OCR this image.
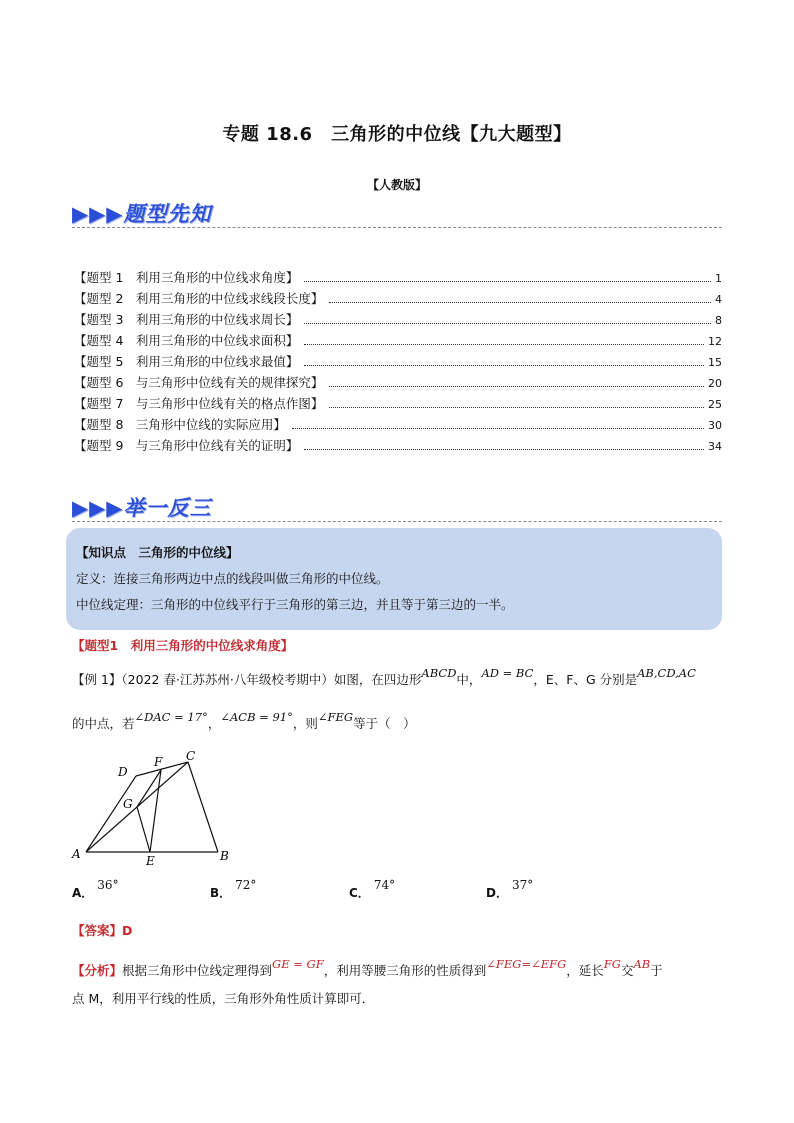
专题 18.6　三角形的中位线【九大题型】
【人教版】
▶▶▶题型先知
【题型 1　利用三角形的中位线求角度】	1
【题型 2　利用三角形的中位线求线段长度】	4
【题型 3　利用三角形的中位线求周长】	8
【题型 4　利用三角形的中位线求面积】	12
【题型 5　利用三角形的中位线求最值】	15
【题型 6　与三角形中位线有关的规律探究】	20
【题型 7　与三角形中位线有关的格点作图】	25
【题型 8　三角形中位线的实际应用】	30
【题型 9　与三角形中位线有关的证明】	34
▶▶▶举一反三

【知识点　三角形的中位线】

定义：连接三角形两边中点的线段叫做三角形的中位线。

中位线定理：三角形的中位线平行于三角形的第三边，并且等于第三边的一半。

【题型1　利用三角形的中位线求角度】
【例 1】（2022 春·江苏苏州·八年级校考期中）如图，在四边形ABCD中，AD = BC，E、F、G 分别是AB,CD,AC
的中点，若∠DAC = 17°，∠ACB = 91°，则∠FEG等于（　）
D
F C
G
A	E	B
A．36°
B．72°
C．74°
D．37°
【答案】D
【分析】根据三角形中位线定理得到GE = GF，利用等腰三角形的性质得到∠FEG=∠EFG，延长FG交AB于
点 M，利用平行线的性质，三角形外角性质计算即可．
